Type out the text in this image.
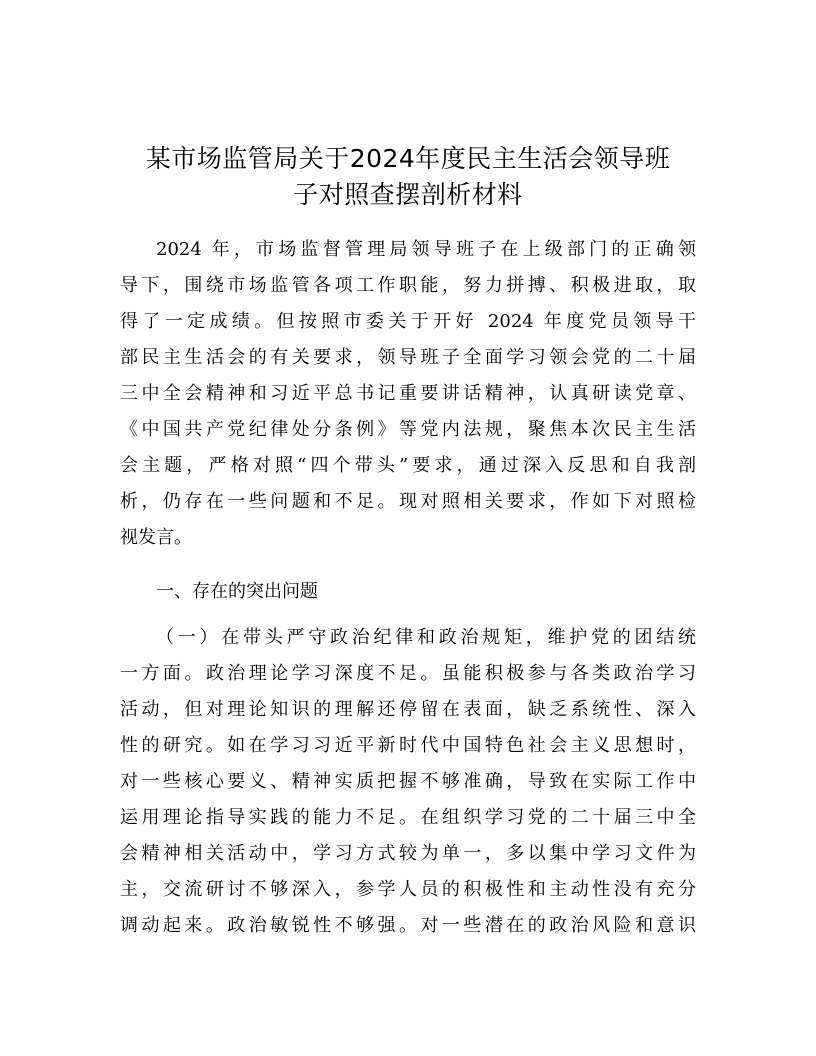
某市场监管局关于2024年度民主生活会领导班
子对照查摆剖析材料
2024 年，市场监督管理局领导班子在上级部门的正确领
导下，围绕市场监管各项工作职能，努力拼搏、积极进取，取
得了一定成绩。但按照市委关于开好 2024 年度党员领导干
部民主生活会的有关要求，领导班子全面学习领会党的二十届
三中全会精神和习近平总书记重要讲话精神，认真研读党章、
《中国共产党纪律处分条例》等党内法规，聚焦本次民主生活
会主题，严格对照“四个带头”要求，通过深入反思和自我剖
析，仍存在一些问题和不足。现对照相关要求，作如下对照检
视发言。
一、存在的突出问题
（一）在带头严守政治纪律和政治规矩，维护党的团结统
一方面。政治理论学习深度不足。虽能积极参与各类政治学习
活动，但对理论知识的理解还停留在表面，缺乏系统性、深入
性的研究。如在学习习近平新时代中国特色社会主义思想时，
对一些核心要义、精神实质把握不够准确，导致在实际工作中
运用理论指导实践的能力不足。在组织学习党的二十届三中全
会精神相关活动中，学习方式较为单一，多以集中学习文件为
主，交流研讨不够深入，参学人员的积极性和主动性没有充分
调动起来。政治敏锐性不够强。对一些潜在的政治风险和意识
